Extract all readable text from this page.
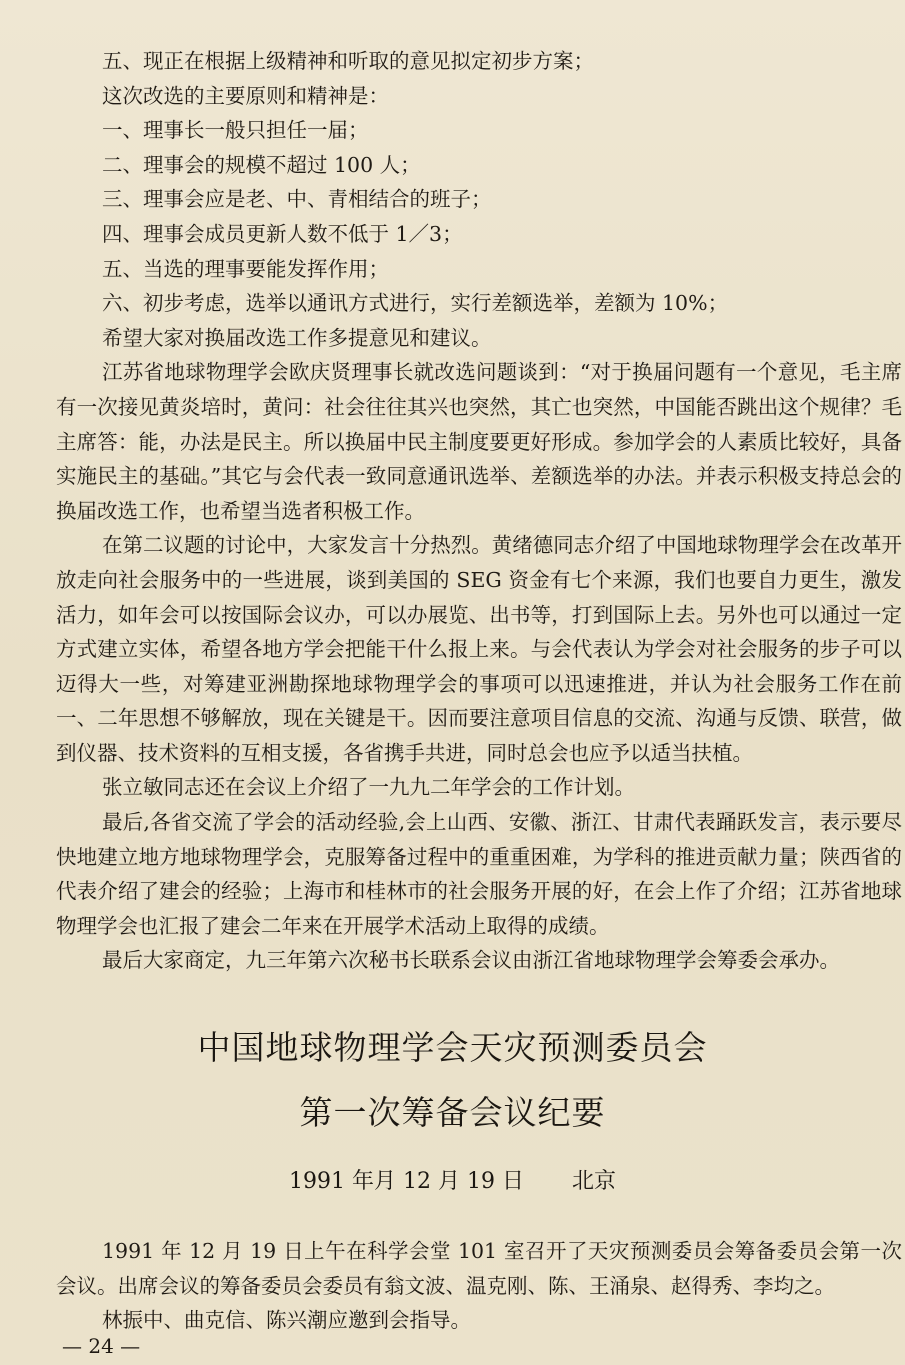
五、现正在根据上级精神和听取的意见拟定初步方案；

这次改选的主要原则和精神是：

一、理事长一般只担任一届；

二、理事会的规模不超过 100 人；

三、理事会应是老、中、青相结合的班子；

四、理事会成员更新人数不低于 1／3；

五、当选的理事要能发挥作用；

六、初步考虑，选举以通讯方式进行，实行差额选举，差额为 10%；

希望大家对换届改选工作多提意见和建议。

江苏省地球物理学会欧庆贤理事长就改选问题谈到：“对于换届问题有一个意见，毛主席有一次接见黄炎培时，黄问：社会往往其兴也突然，其亡也突然，中国能否跳出这个规律？毛主席答：能，办法是民主。所以换届中民主制度要更好形成。参加学会的人素质比较好，具备实施民主的基础。”其它与会代表一致同意通讯选举、差额选举的办法。并表示积极支持总会的换届改选工作，也希望当选者积极工作。

在第二议题的讨论中，大家发言十分热烈。黄绪德同志介绍了中国地球物理学会在改革开放走向社会服务中的一些进展，谈到美国的 SEG 资金有七个来源，我们也要自力更生，激发活力，如年会可以按国际会议办，可以办展览、出书等，打到国际上去。另外也可以通过一定方式建立实体，希望各地方学会把能干什么报上来。与会代表认为学会对社会服务的步子可以迈得大一些，对筹建亚洲勘探地球物理学会的事项可以迅速推进，并认为社会服务工作在前一、二年思想不够解放，现在关键是干。因而要注意项目信息的交流、沟通与反馈、联营，做到仪器、技术资料的互相支援，各省携手共进，同时总会也应予以适当扶植。

张立敏同志还在会议上介绍了一九九二年学会的工作计划。

最后,各省交流了学会的活动经验,会上山西、安徽、浙江、甘肃代表踊跃发言，表示要尽快地建立地方地球物理学会，克服筹备过程中的重重困难，为学科的推进贡献力量；陕西省的代表介绍了建会的经验；上海市和桂林市的社会服务开展的好，在会上作了介绍；江苏省地球物理学会也汇报了建会二年来在开展学术活动上取得的成绩。

最后大家商定，九三年第六次秘书长联系会议由浙江省地球物理学会筹委会承办。

中国地球物理学会天灾预测委员会
第一次筹备会议纪要
1991 年月 12 月 19 日 北京

1991 年 12 月 19 日上午在科学会堂 101 室召开了天灾预测委员会筹备委员会第一次会议。出席会议的筹备委员会委员有翁文波、温克刚、陈、王涌泉、赵得秀、李均之。

林振中、曲克信、陈兴潮应邀到会指导。

— 24 —
